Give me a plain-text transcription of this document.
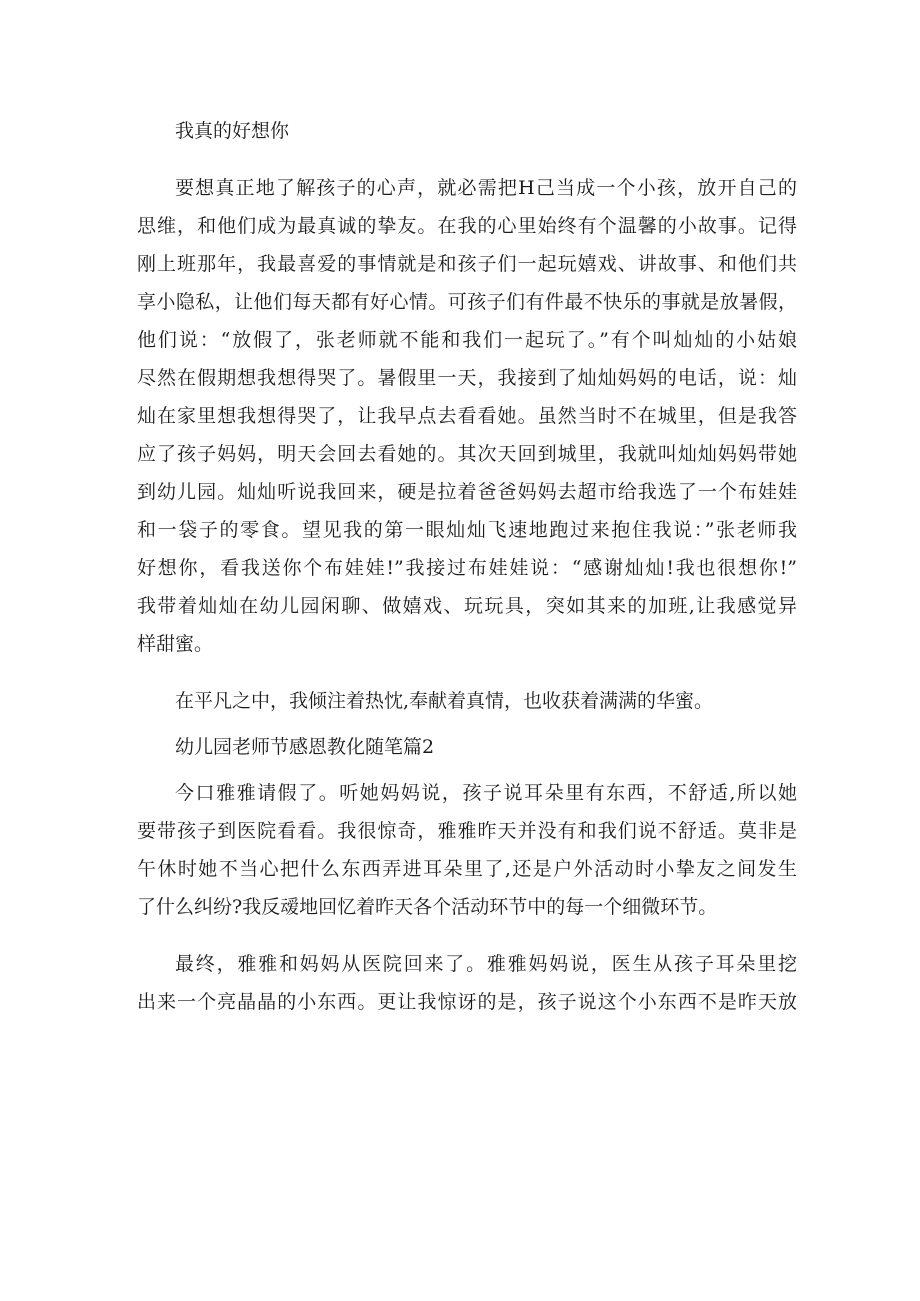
我真的好想你
要想真正地了解孩子的心声，就必需把H己当成一个小孩，放开自己的
思维，和他们成为最真诚的挚友。在我的心里始终有个温馨的小故事。记得
刚上班那年，我最喜爱的事情就是和孩子们一起玩嬉戏、讲故事、和他们共
享小隐私，让他们每天都有好心情。可孩子们有件最不快乐的事就是放暑假，
他们说：“放假了，张老师就不能和我们一起玩了。”有个叫灿灿的小姑娘
尽然在假期想我想得哭了。暑假里一天，我接到了灿灿妈妈的电话，说：灿
灿在家里想我想得哭了，让我早点去看看她。虽然当时不在城里，但是我答
应了孩子妈妈，明天会回去看她的。其次天回到城里，我就叫灿灿妈妈带她
到幼儿园。灿灿听说我回来，硬是拉着爸爸妈妈去超市给我选了一个布娃娃
和一袋子的零食。望见我的第一眼灿灿飞速地跑过来抱住我说：”张老师我
好想你，看我送你个布娃娃!”我接过布娃娃说：“感谢灿灿!我也很想你!”
我带着灿灿在幼儿园闲聊、做嬉戏、玩玩具，突如其来的加班,让我感觉异
样甜蜜。
在平凡之中，我倾注着热忱,奉献着真情，也收获着满满的华蜜。
幼儿园老师节感恩教化随笔篇2
今口雅雅请假了。听她妈妈说，孩子说耳朵里有东西，不舒适,所以她
要带孩子到医院看看。我很惊奇，雅雅昨天并没有和我们说不舒适。莫非是
午休时她不当心把什么东西弄进耳朵里了,还是户外活动时小挚友之间发生
了什么纠纷?我反叆地回忆着昨天各个活动环节中的每一个细微环节。
最终，雅雅和妈妈从医院回来了。雅雅妈妈说，医生从孩子耳朵里挖
出来一个亮晶晶的小东西。更让我惊讶的是，孩子说这个小东西不是昨天放
